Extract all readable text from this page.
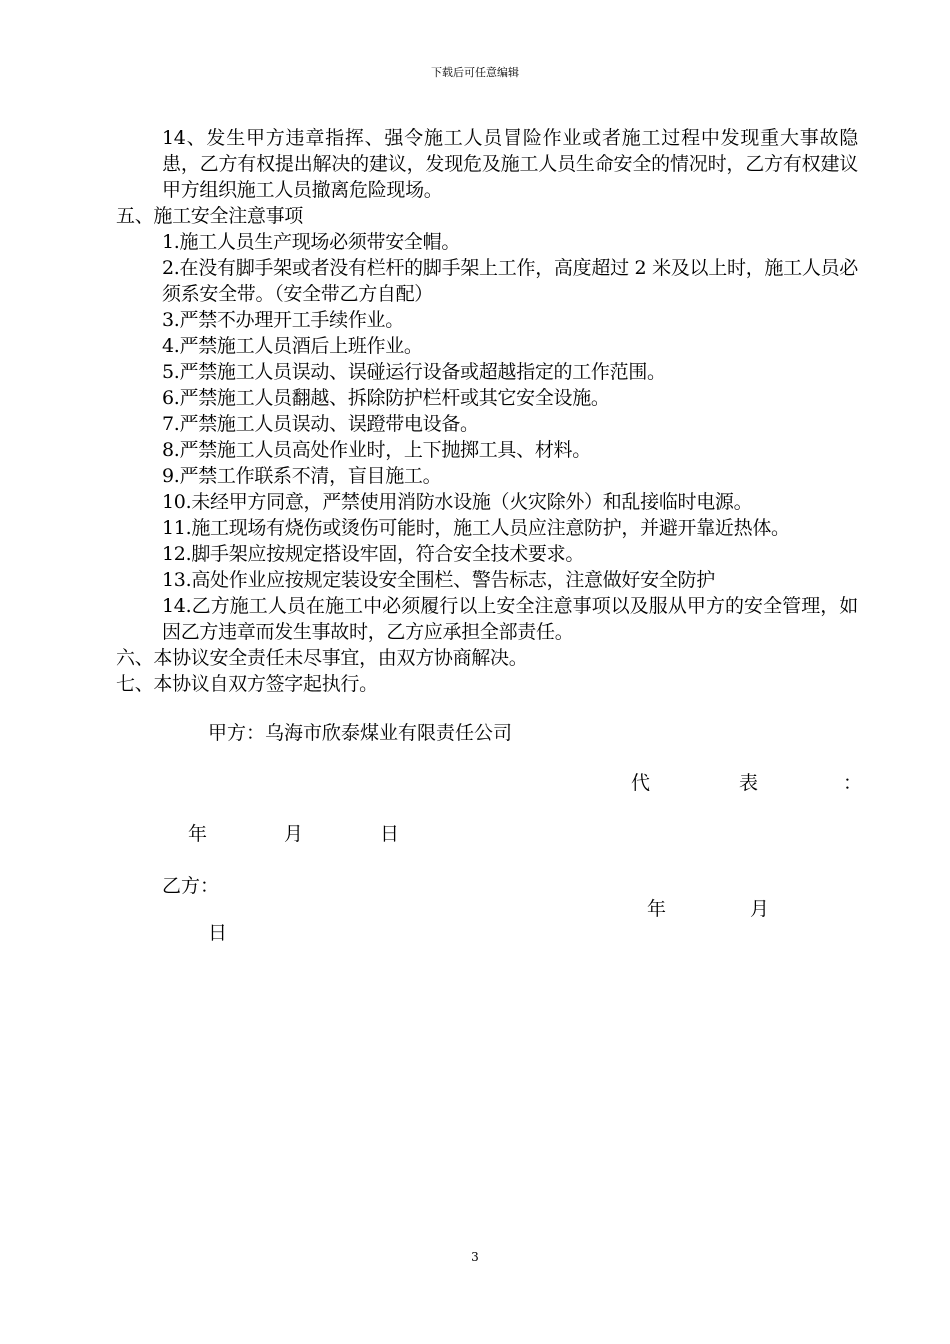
下载后可任意编辑

14、发生甲方违章指挥、强令施工人员冒险作业或者施工过程中发现重大事故隐患，乙方有权提出解决的建议，发现危及施工人员生命安全的情况时，乙方有权建议甲方组织施工人员撤离危险现场。

五、施工安全注意事项

1.施工人员生产现场必须带安全帽。

2.在没有脚手架或者没有栏杆的脚手架上工作，高度超过 2 米及以上时，施工人员必须系安全带。（安全带乙方自配）

3.严禁不办理开工手续作业。

4.严禁施工人员酒后上班作业。

5.严禁施工人员误动、误碰运行设备或超越指定的工作范围。

6.严禁施工人员翻越、拆除防护栏杆或其它安全设施。

7.严禁施工人员误动、误蹬带电设备。

8.严禁施工人员高处作业时，上下抛掷工具、材料。

9.严禁工作联系不清，盲目施工。

10.未经甲方同意，严禁使用消防水设施（火灾除外）和乱接临时电源。

11.施工现场有烧伤或烫伤可能时，施工人员应注意防护，并避开靠近热体。

12.脚手架应按规定搭设牢固，符合安全技术要求。

13.高处作业应按规定装设安全围栏、警告标志，注意做好安全防护

14.乙方施工人员在施工中必须履行以上安全注意事项以及服从甲方的安全管理，如因乙方违章而发生事故时，乙方应承担全部责任。

六、本协议安全责任未尽事宜，由双方协商解决。

七、本协议自双方签字起执行。

甲方：乌海市欣泰煤业有限责任公司
代	表	：
年	月	日
乙方：
年	月
日
3
